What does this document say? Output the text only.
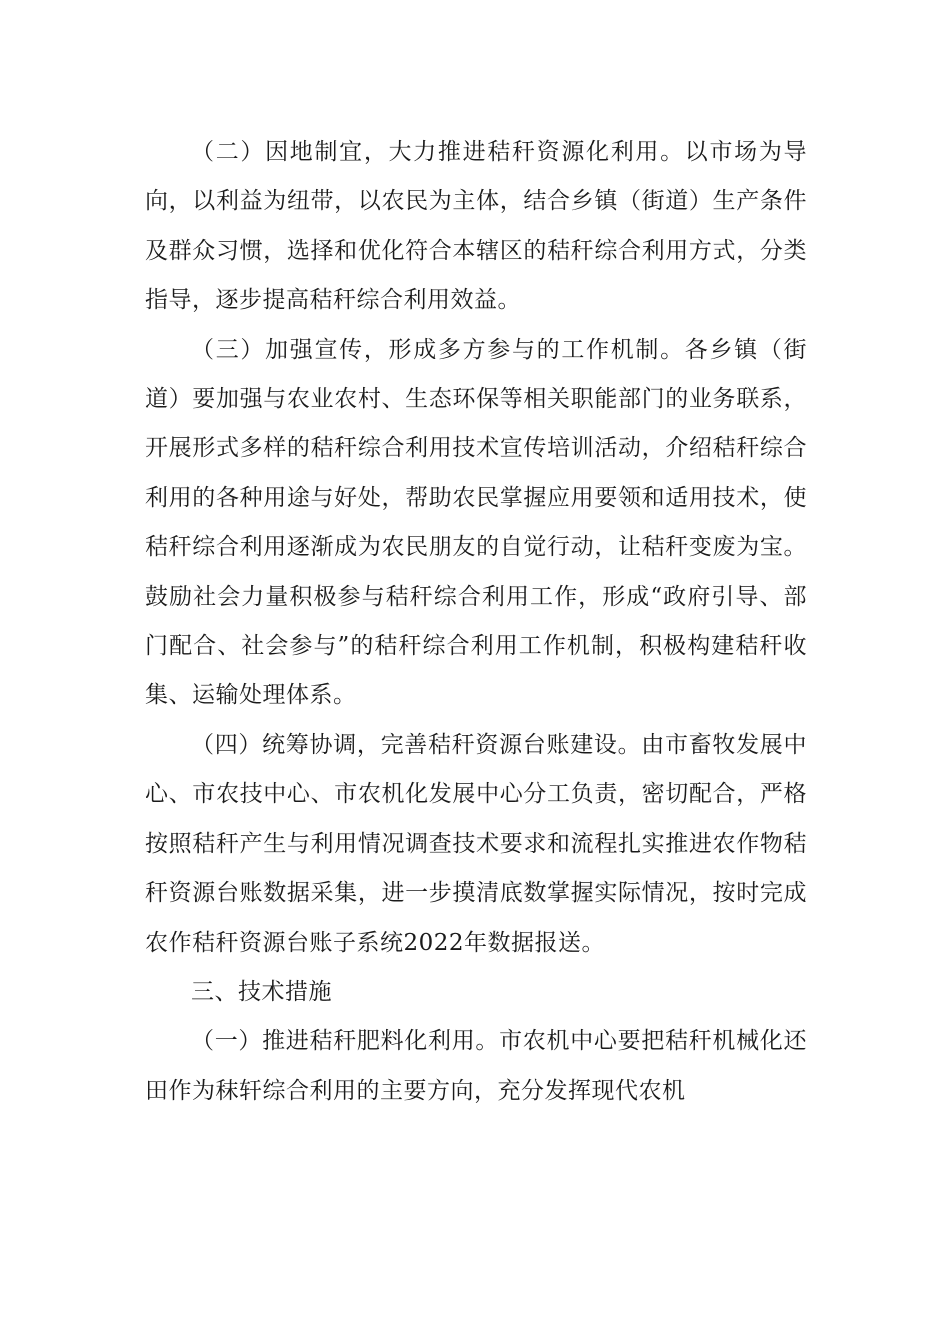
（二）因地制宜，大力推进秸秆资源化利用。以市场为导向，以利益为纽带，以农民为主体，结合乡镇（街道）生产条件及群众习惯，选择和优化符合本辖区的秸秆综合利用方式，分类指导，逐步提高秸秆综合利用效益。

（三）加强宣传，形成多方参与的工作机制。各乡镇（街道）要加强与农业农村、生态环保等相关职能部门的业务联系，开展形式多样的秸秆综合利用技术宣传培训活动，介绍秸秆综合利用的各种用途与好处，帮助农民掌握应用要领和适用技术，使秸秆综合利用逐渐成为农民朋友的自觉行动，让秸秆变废为宝。鼓励社会力量积极参与秸秆综合利用工作，形成“政府引导、部门配合、社会参与”的秸秆综合利用工作机制，积极构建秸秆收集、运输处理体系。

（四）统筹协调，完善秸秆资源台账建设。由市畜牧发展中心、市农技中心、市农机化发展中心分工负责，密切配合，严格按照秸秆产生与利用情况调查技术要求和流程扎实推进农作物秸秆资源台账数据采集，进一步摸清底数掌握实际情况，按时完成农作秸秆资源台账子系统2022年数据报送。

三、技术措施

（一）推进秸秆肥料化利用。市农机中心要把秸秆机械化还田作为秣轩综合利用的主要方向，充分发挥现代农机
